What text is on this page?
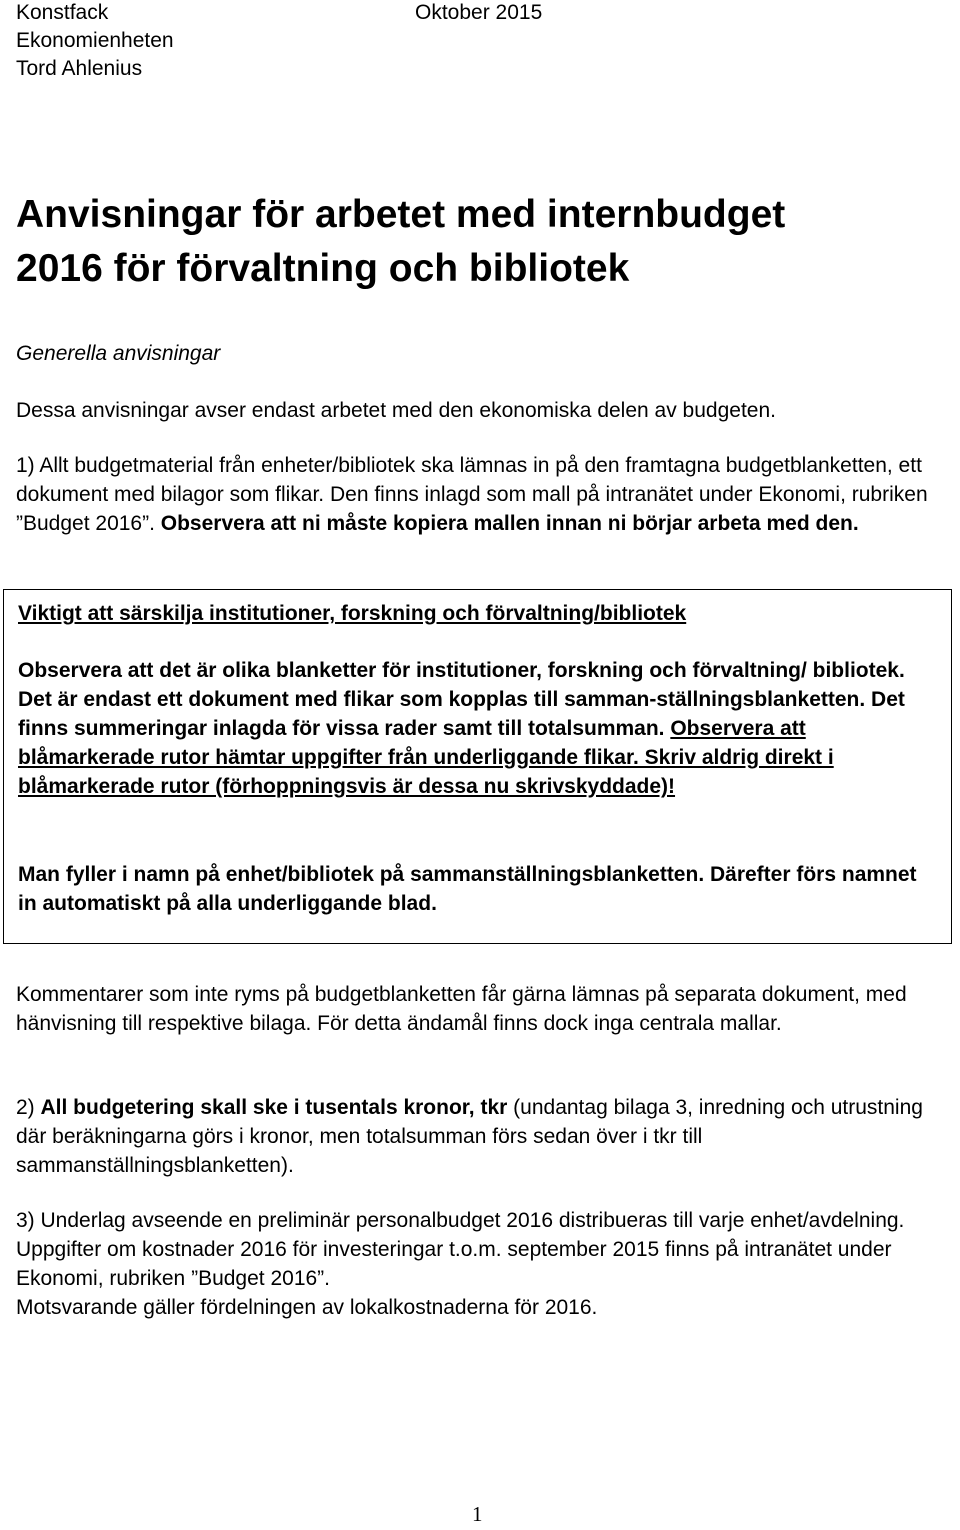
Konstfack
Ekonomienheten
Tord Ahlenius
Oktober 2015
Anvisningar för arbetet med internbudget
2016 för förvaltning och bibliotek
Generella anvisningar

Dessa anvisningar avser endast arbetet med den ekonomiska delen av budgeten.

1) Allt budgetmaterial från enheter/bibliotek ska lämnas in på den framtagna budgetblanketten, ett dokument med bilagor som flikar. Den finns inlagd som mall på intranätet under Ekonomi, rubriken ”Budget 2016”. Observera att ni måste kopiera mallen innan ni börjar arbeta med den.

Viktigt att särskilja institutioner, forskning och förvaltning/bibliotek

Observera att det är olika blanketter för institutioner, forskning och förvaltning/ bibliotek. Det är endast ett dokument med flikar som kopplas till samman-ställningsblanketten. Det finns summeringar inlagda för vissa rader samt till totalsumman. Observera att blåmarkerade rutor hämtar uppgifter från underliggande flikar. Skriv aldrig direkt i blåmarkerade rutor (förhoppningsvis är dessa nu skrivskyddade)!

Man fyller i namn på enhet/bibliotek på sammanställningsblanketten. Därefter förs namnet in automatiskt på alla underliggande blad.

Kommentarer som inte ryms på budgetblanketten får gärna lämnas på separata dokument, med hänvisning till respektive bilaga. För detta ändamål finns dock inga centrala mallar.

2) All budgetering skall ske i tusentals kronor, tkr (undantag bilaga 3, inredning och utrustning där beräkningarna görs i kronor, men totalsumman förs sedan över i tkr till sammanställningsblanketten).

3) Underlag avseende en preliminär personalbudget 2016 distribueras till varje enhet/avdelning. Uppgifter om kostnader 2016 för investeringar t.o.m. september 2015 finns på intranätet under Ekonomi, rubriken ”Budget 2016”.
Motsvarande gäller fördelningen av lokalkostnaderna för 2016.
1
